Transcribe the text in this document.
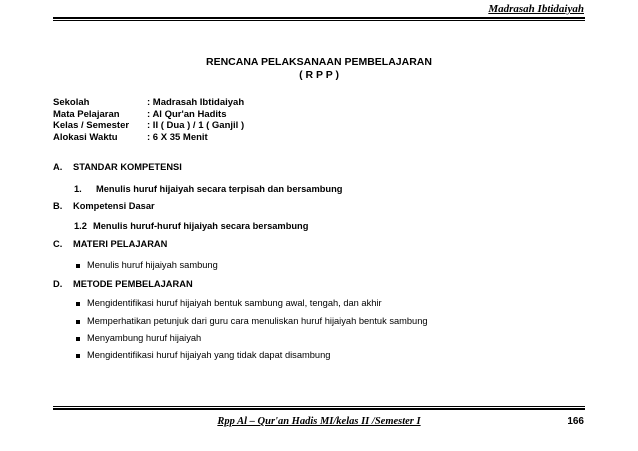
Madrasah Ibtidaiyah
RENCANA PELAKSANAAN PEMBELAJARAN
( R P P )
Sekolah	: Madrasah Ibtidaiyah
Mata Pelajaran	: Al Qur'an Hadits
Kelas / Semester	: II ( Dua ) / 1 ( Ganjil )
Alokasi Waktu	: 6 X 35 Menit
A. STANDAR KOMPETENSI
1. Menulis huruf hijaiyah secara terpisah dan bersambung
B. Kompetensi Dasar
1.2 Menulis huruf-huruf hijaiyah secara bersambung
C. MATERI PELAJARAN
Menulis huruf hijaiyah sambung
D. METODE PEMBELAJARAN
Mengidentifikasi huruf hijaiyah bentuk sambung awal, tengah, dan akhir
Memperhatikan petunjuk dari guru cara menuliskan huruf hijaiyah bentuk sambung
Menyambung huruf hijaiyah
Mengidentifikasi huruf hijaiyah yang tidak dapat disambung
Rpp Al – Qur'an Hadis MI/kelas II /Semester I	166
